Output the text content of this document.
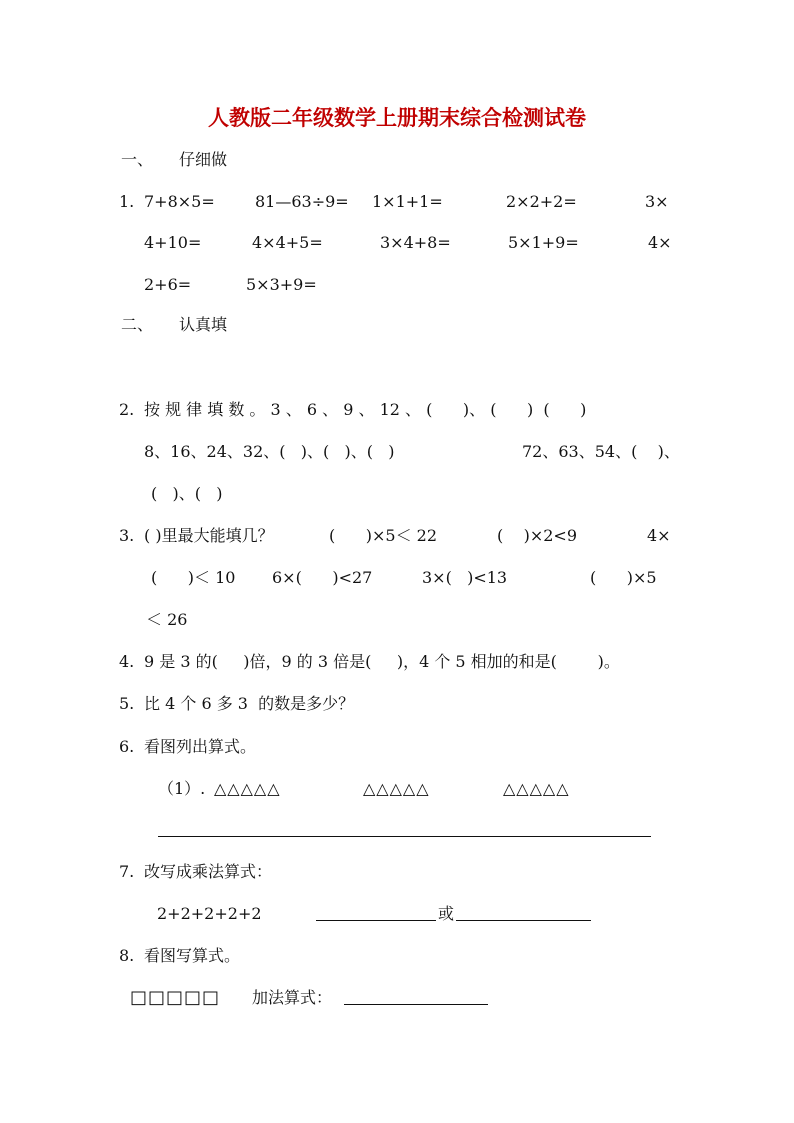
人教版二年级数学上册期末综合检测试卷
一、 仔细做
1. 7+8×5=	81—63÷9= 1×1+1=	2×2+2=	3×
4+10=	4×4+5=	3×4+8=	5×1+9=	4×
2+6=	5×3+9=
二、 认真填
2. 按 规 律 填 数 。 3 、 6 、 9 、 12 、 (      )、 (      )  (      )
8、16、24、32、(   )、(   )、(   )	72、63、54、(    )、
(   )、(   )
3. ( )里最大能填几？	(      )×5＜ 22	(    )×2<9	4×
(      )＜ 10 6×(      )<27	3×(   )<13	(      )×5
＜ 26
4. 9 是 3 的(     )倍，9 的 3 倍是(     )，4 个 5 相加的和是(        )。
5. 比 4 个 6 多 3  的数是多少？
6. 看图列出算式。
（1）. △△△△△	△△△△△	△△△△△
7. 改写成乘法算式：
2+2+2+2+2	或
8. 看图写算式。
□□□□□ 加法算式：
